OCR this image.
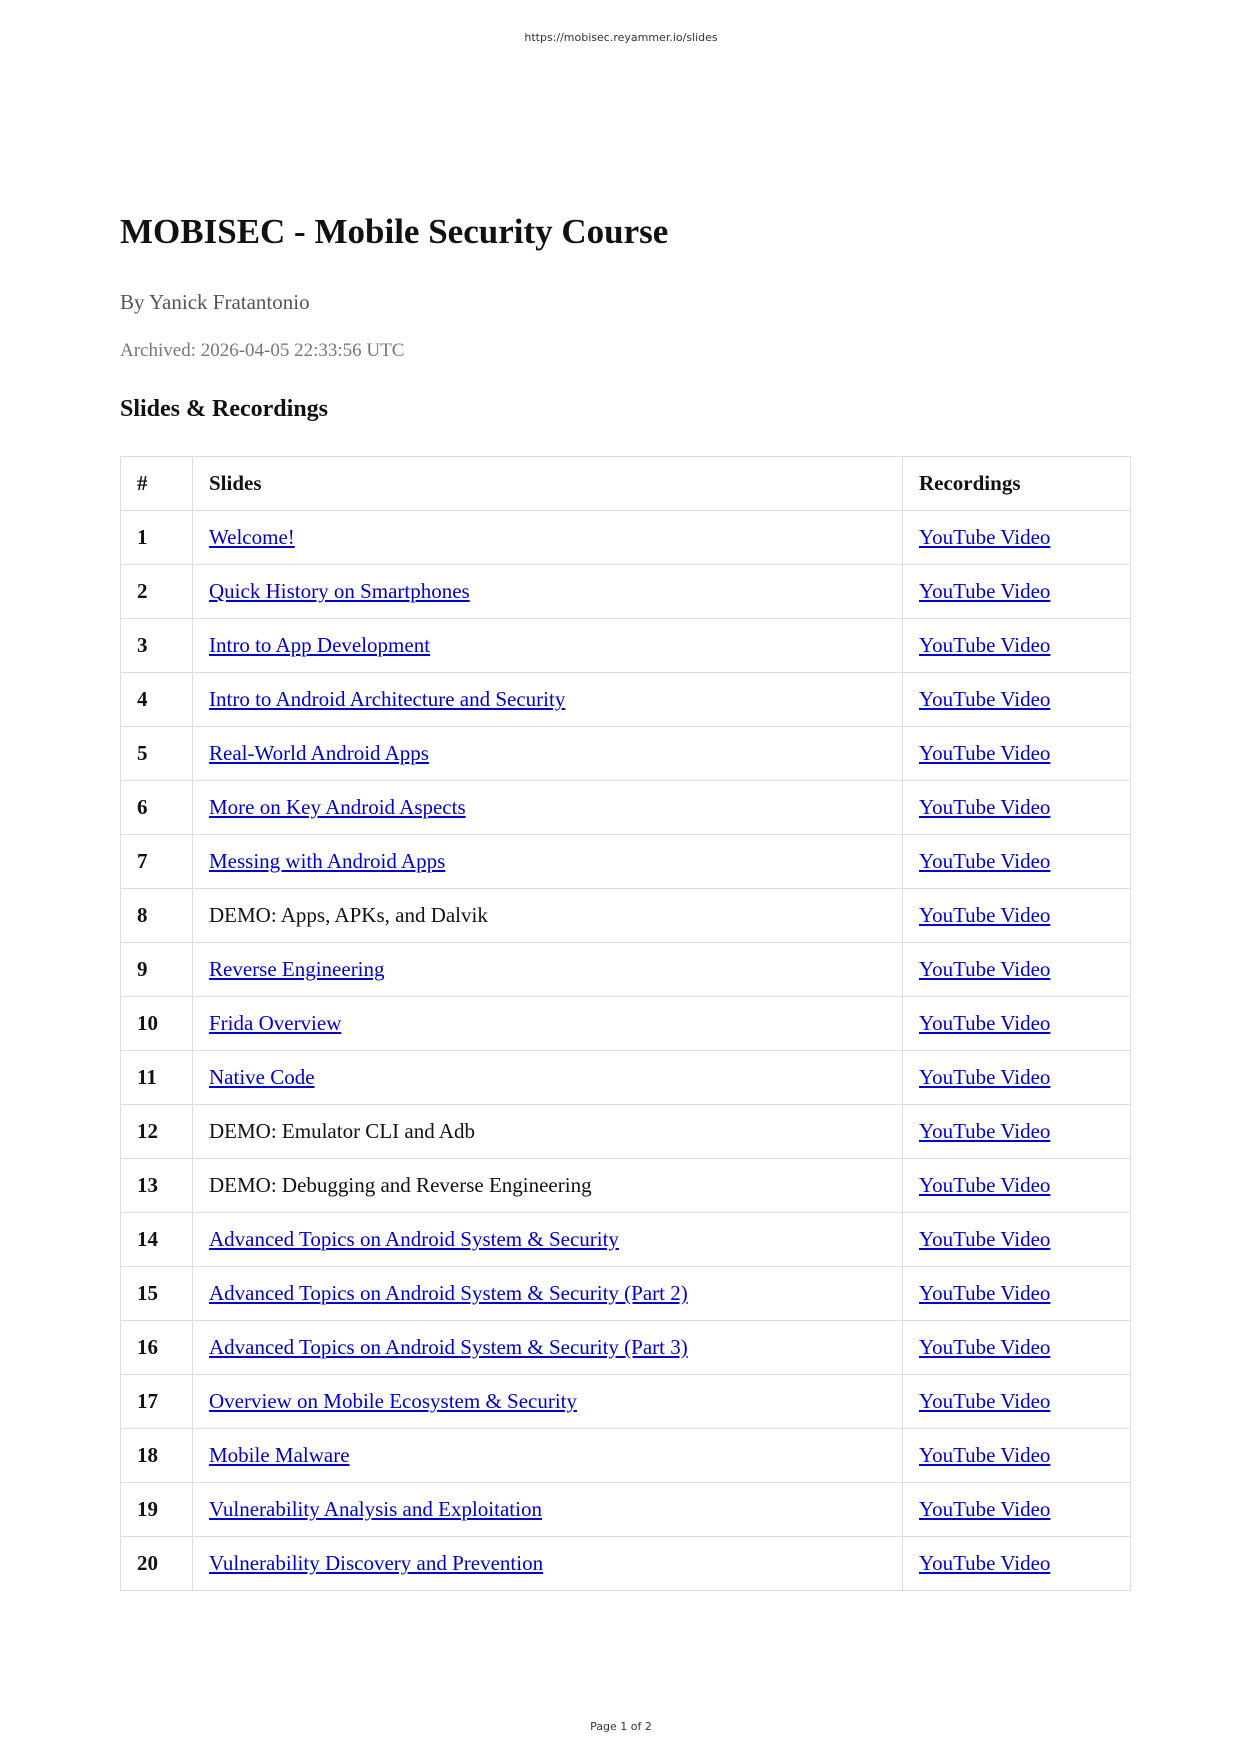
https://mobisec.reyammer.io/slides
MOBISEC - Mobile Security Course
By Yanick Fratantonio
Archived: 2026-04-05 22:33:56 UTC
Slides & Recordings
#	Slides	Recordings
1	Welcome!	YouTube Video
2	Quick History on Smartphones	YouTube Video
3	Intro to App Development	YouTube Video
4	Intro to Android Architecture and Security	YouTube Video
5	Real-World Android Apps	YouTube Video
6	More on Key Android Aspects	YouTube Video
7	Messing with Android Apps	YouTube Video
8	DEMO: Apps, APKs, and Dalvik	YouTube Video
9	Reverse Engineering	YouTube Video
10	Frida Overview	YouTube Video
11	Native Code	YouTube Video
12	DEMO: Emulator CLI and Adb	YouTube Video
13	DEMO: Debugging and Reverse Engineering	YouTube Video
14	Advanced Topics on Android System & Security	YouTube Video
15	Advanced Topics on Android System & Security (Part 2)	YouTube Video
16	Advanced Topics on Android System & Security (Part 3)	YouTube Video
17	Overview on Mobile Ecosystem & Security	YouTube Video
18	Mobile Malware	YouTube Video
19	Vulnerability Analysis and Exploitation	YouTube Video
20	Vulnerability Discovery and Prevention	YouTube Video
Page 1 of 2
